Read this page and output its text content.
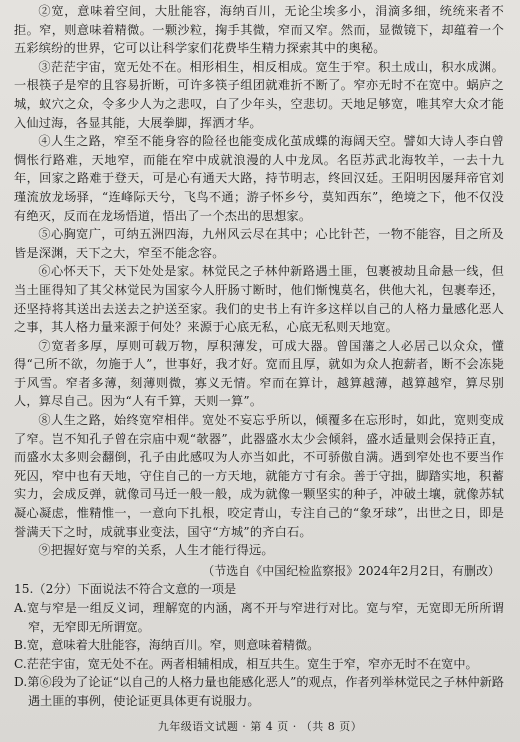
②宽，意味着空间，大肚能容，海纳百川，无论尘埃多小，涓滴多细，统统来者不拒。窄，则意味着精微。一颗沙粒，掬手其微，窄而又窄。然而，显微镜下，却蕴着一个五彩缤纷的世界，它可以让科学家们花费毕生精力探索其中的奥秘。

③茫茫宇宙，宽无处不在。相形相生，相反相成。宽生于窄。积土成山，积水成渊。一根筷子是窄的且容易折断，可许多筷子组团就难折不断了。窄亦无时不在宽中。蜗庐之城，蚁穴之众，令多少人为之悲叹，白了少年头，空悲切。天地足够宽，唯其窄大众才能入仙过海，各显其能，大展拳脚，挥洒才华。

④人生之路，窄至不能身容的险径也能变成化茧成蝶的海阔天空。譬如大诗人李白曾惆怅行路难，天地窄，而能在窄中成就浪漫的人中龙凤。名臣苏武北海牧羊，一去十九年，回家之路难于登天，可是心有通天大路，持节明志，终回汉廷。王阳明因屡拜帝官刘瑾流放龙场驿，“连峰际天兮，飞鸟不通；游子怀乡兮，莫知西东”，绝境之下，他不仅没有绝灭，反而在龙场悟道，悟出了一个杰出的思想家。

⑤心胸宽广，可纳五洲四海，九州风云尽在其中；心比针芒，一物不能容，目之所及皆是深渊，天下之大，窄至不能念容。

⑥心怀天下，天下处处是家。林觉民之子林仲新路遇土匪，包裹被劫且命悬一线，但当土匪得知了其父林觉民为国家今人肝肠寸断时，他们惭愧莫名，供他大礼，包裹奉还，还坚持将其送出去送去之护送至家。我们的史书上有许多这样以自己的人格力量感化恶人之事，其人格力量来源于何处？来源于心底无私，心底无私则天地宽。

⑦宽者多厚，厚则可载万物，厚积薄发，可成大器。曾国藩之人必居己以众众，懂得“己所不欲，勿施于人”，世事好，我才好。宽而且厚，就如为众人抱薪者，断不会冻毙于风雪。窄者多薄，刻薄则微，寡义无情。窄而在算计，越算越薄，越算越窄，算尽别人，算尽自己。因为“人有千算，天则一算”。

⑧人生之路，始终宽窄相伴。宽处不妄忘乎所以，倾覆多在忘形时，如此，宽则变成了窄。岂不知孔子曾在宗庙中观“欹器”，此器盛水太少会倾斜，盛水适量则会保持正直，而盛水太多则会翻倒，孔子由此感叹为人亦当如此，不可骄傲自满。遇到窄处也不要当作死囚，窄中也有天地，守住自己的一方天地，就能方寸有余。善于守拙，脚踏实地，积蓄实力，会成反弹，就像司马迁一般一般，成为就像一颗坚实的种子，冲破土壤，就像苏轼凝心凝虑，惟精惟一，一意向下扎根，咬定青山，专注自己的“象牙球”，出世之日，即是誉满天下之时，成就事业变法，国守“方城”的齐白石。

⑨把握好宽与窄的关系，人生才能行得远。

（节选自《中国纪检监察报》2024年2月2日，有删改）

15.（2分）下面说法不符合文意的一项是

A.宽与窄是一组反义词，理解宽的内涵，离不开与窄进行对比。宽与窄，无宽即无所所谓窄，无窄即无所谓宽。

B.宽，意味着大肚能容，海纳百川。窄，则意味着精微。

C.茫茫宇宙，宽无处不在。两者相辅相成，相互共生。宽生于窄，窄亦无时不在宽中。

D.第⑥段为了论证“以自己的人格力量也能感化恶人”的观点，作者列举林觉民之子林仲新路遇土匪的事例，使论证更具体更有说服力。

九年级语文试题 · 第 4 页 · （共 8 页）
